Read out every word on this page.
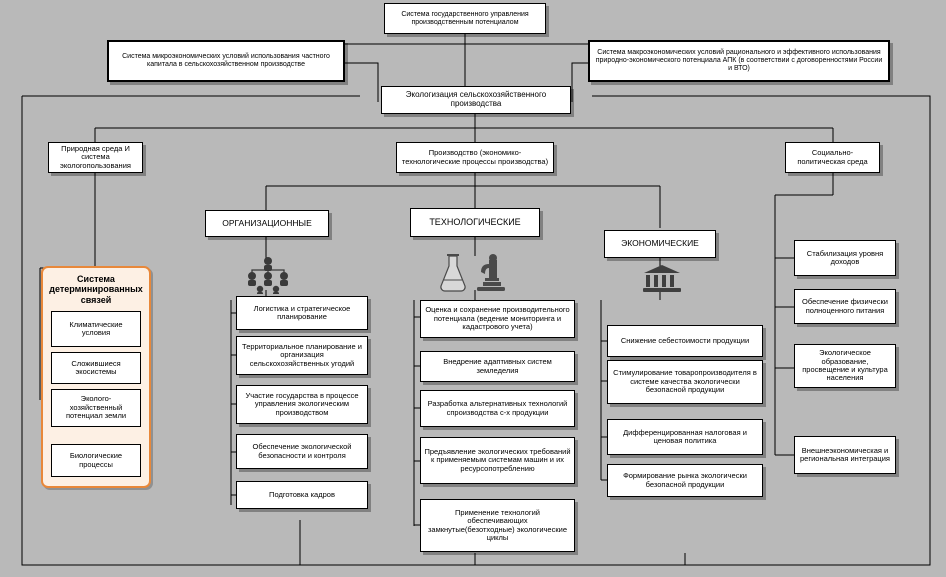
Система государственного управления производственным потенциалом
Система микроэкономических условий использования частного капитала в сельскохозяйственном производстве
Система макроэкономических условий рационального и эффективного использования природно-экономического потенциала АПК (в соответствии с договоренностями России и ВТО)
Экологизация сельскохозяйственного производства
Природная среда И система экологопользования
Производство (экономико-технологические процессы производства)
Социально-политическая среда
ОРГАНИЗАЦИОННЫЕ	ТЕХНОЛОГИЧЕСКИЕ
ЭКОНОМИЧЕСКИЕ
Система детерминированных связей
Климатические условия
Сложившиеся экосистемы
Эколого-хозяйственный потенциал земли
Биологические процессы
Логистика и стратегическое планирование
Территориальное планирование и организация сельскохозяйственных угодий
Участие государства в процессе управления экологическим производством
Обеспечение экологической безопасности и контроля
Подготовка кадров
Оценка и сохранение производительного потенциала (ведение мониторинга и кадастрового учета)
Внедрение адаптивных систем земледелия
Разработка альтернативных технологий спроизводства с-х продукции
Предъявление экологических требований к применяемым системам машин и их ресурсопотреблению
Применение технологий обеспечивающих замкнутые(безотходные) экологические циклы
Снижение себестоимости продукции
Стимулирование товаропроизводителя в системе качества экологически безопасной продукции
Дифференцированная налоговая и ценовая политика
Формирование рынка экологически безопасной продукции
Стабилизация уровня доходов
Обеспечение физически полноценного питания
Экологическое образование, просвещение и культура населения
Внешнеэкономическая и региональная интеграция
